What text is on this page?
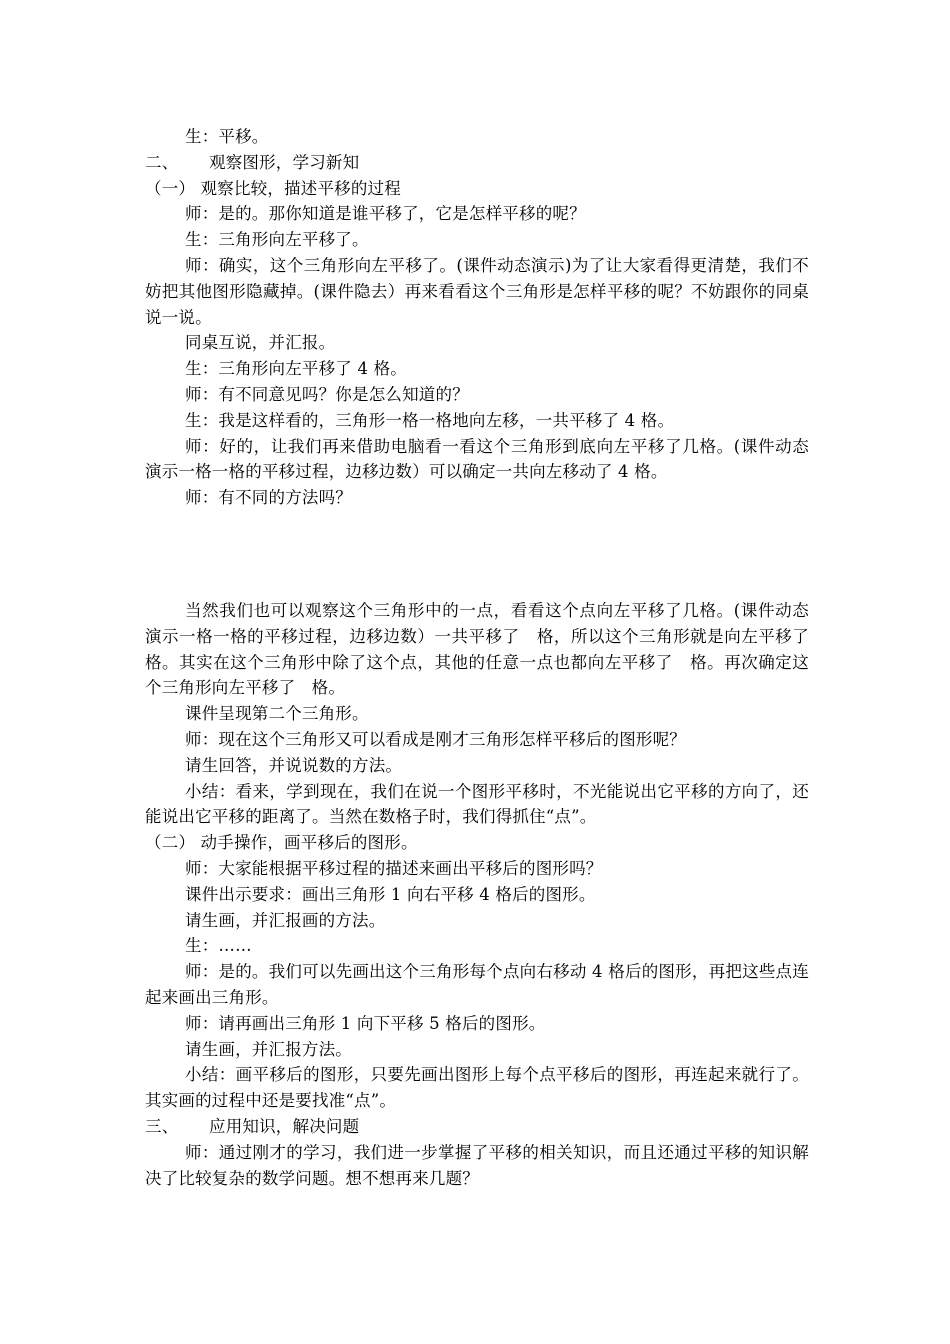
生：平移。

二、	观察图形，学习新知

（一） 观察比较，描述平移的过程

师：是的。那你知道是谁平移了，它是怎样平移的呢？

生：三角形向左平移了。

师：确实，这个三角形向左平移了。(课件动态演示)为了让大家看得更清楚，我们不妨把其他图形隐藏掉。(课件隐去）再来看看这个三角形是怎样平移的呢？不妨跟你的同桌说一说。

同桌互说，并汇报。

生：三角形向左平移了 4 格。

师：有不同意见吗？你是怎么知道的？

生：我是这样看的，三角形一格一格地向左移，一共平移了 4 格。

师：好的，让我们再来借助电脑看一看这个三角形到底向左平移了几格。(课件动态演示一格一格的平移过程，边移边数）可以确定一共向左移动了 4 格。

师：有不同的方法吗？

当然我们也可以观察这个三角形中的一点，看看这个点向左平移了几格。(课件动态演示一格一格的平移过程，边移边数）一共平移了   格，所以这个三角形就是向左平移了   格。其实在这个三角形中除了这个点，其他的任意一点也都向左平移了   格。再次确定这个三角形向左平移了   格。

课件呈现第二个三角形。

师：现在这个三角形又可以看成是刚才三角形怎样平移后的图形呢？

请生回答，并说说数的方法。

小结：看来，学到现在，我们在说一个图形平移时，不光能说出它平移的方向了，还能说出它平移的距离了。当然在数格子时，我们得抓住“点”。

（二） 动手操作，画平移后的图形。

师：大家能根据平移过程的描述来画出平移后的图形吗？

课件出示要求：画出三角形 1 向右平移 4 格后的图形。

请生画，并汇报画的方法。

生：……

师：是的。我们可以先画出这个三角形每个点向右移动 4 格后的图形，再把这些点连起来画出三角形。

师：请再画出三角形 1 向下平移 5 格后的图形。

请生画，并汇报方法。

小结：画平移后的图形，只要先画出图形上每个点平移后的图形，再连起来就行了。其实画的过程中还是要找准“点”。

三、	应用知识，解决问题

师：通过刚才的学习，我们进一步掌握了平移的相关知识，而且还通过平移的知识解决了比较复杂的数学问题。想不想再来几题？
